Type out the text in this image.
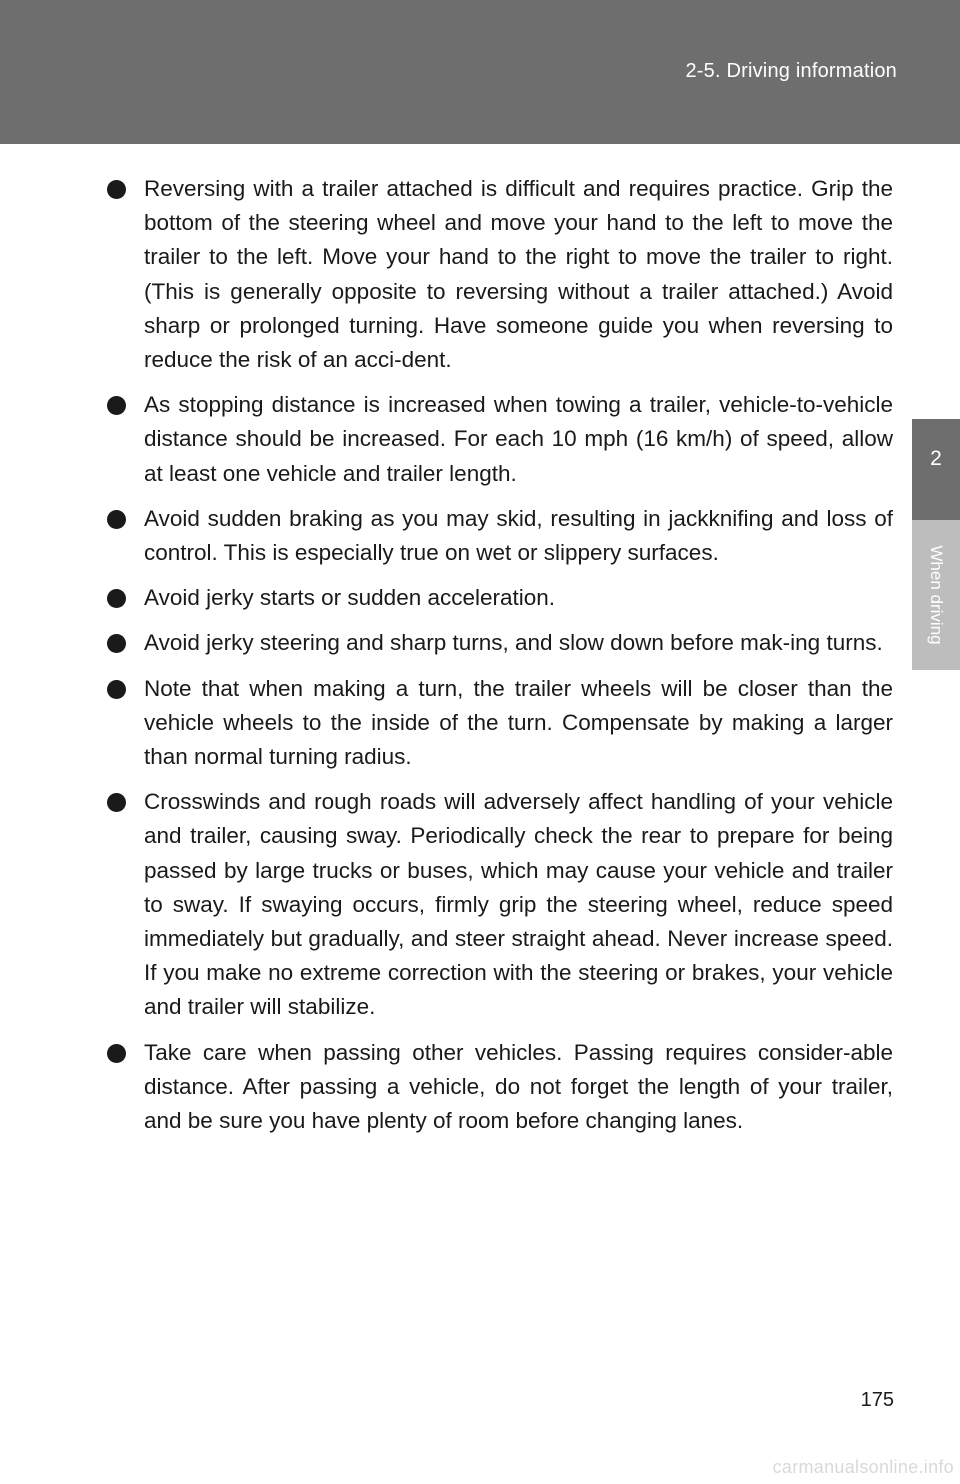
2-5. Driving information
2
When driving
Reversing with a trailer attached is difficult and requires practice. Grip the bottom of the steering wheel and move your hand to the left to move the trailer to the left. Move your hand to the right to move the trailer to right. (This is generally opposite to reversing without a trailer attached.) Avoid sharp or prolonged turning. Have someone guide you when reversing to reduce the risk of an acci-dent.
As stopping distance is increased when towing a trailer, vehicle-to-vehicle distance should be increased. For each 10 mph (16 km/h) of speed, allow at least one vehicle and trailer length.
Avoid sudden braking as you may skid, resulting in jackknifing and loss of control. This is especially true on wet or slippery surfaces.
Avoid jerky starts or sudden acceleration.
Avoid jerky steering and sharp turns, and slow down before mak-ing turns.
Note that when making a turn, the trailer wheels will be closer than the vehicle wheels to the inside of the turn. Compensate by making a larger than normal turning radius.
Crosswinds and rough roads will adversely affect handling of your vehicle and trailer, causing sway. Periodically check the rear to prepare for being passed by large trucks or buses, which may cause your vehicle and trailer to sway. If swaying occurs, firmly grip the steering wheel, reduce speed immediately but gradually, and steer straight ahead. Never increase speed. If you make no extreme correction with the steering or brakes, your vehicle and trailer will stabilize.
Take care when passing other vehicles. Passing requires consider-able distance. After passing a vehicle, do not forget the length of your trailer, and be sure you have plenty of room before changing lanes.
175
carmanualsonline.info
